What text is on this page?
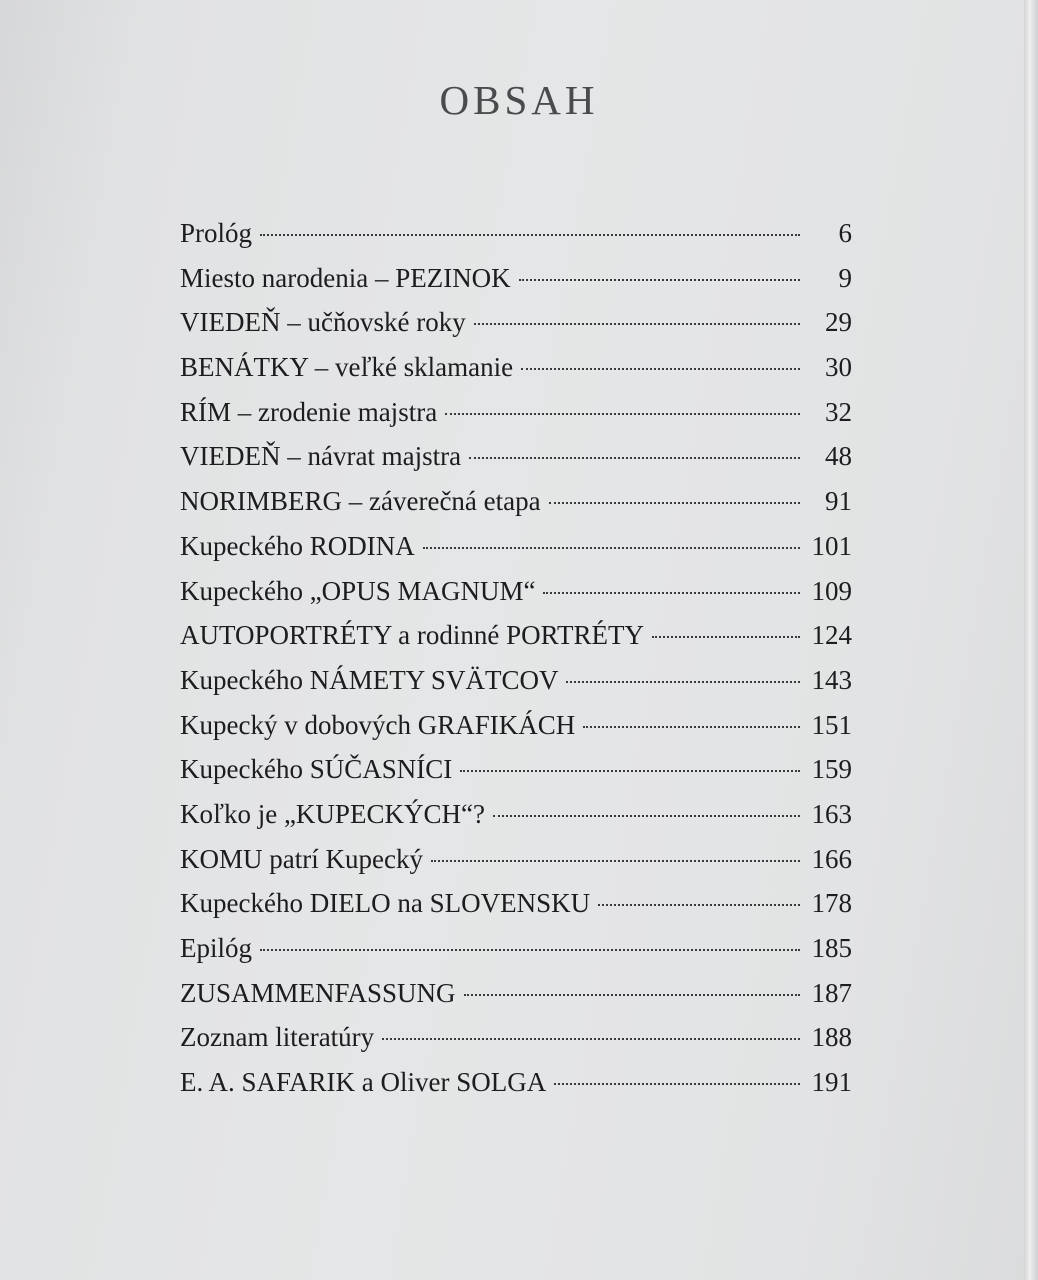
OBSAH
Prológ	6
Miesto narodenia – PEZINOK	9
VIEDEŇ – učňovské roky	29
BENÁTKY – veľké sklamanie	30
RÍM – zrodenie majstra	32
VIEDEŇ – návrat majstra	48
NORIMBERG – záverečná etapa	91
Kupeckého RODINA	101
Kupeckého „OPUS MAGNUM“	109
AUTOPORTRÉTY a rodinné PORTRÉTY	124
Kupeckého NÁMETY SVÄTCOV	143
Kupecký v dobových GRAFIKÁCH	151
Kupeckého SÚČASNÍCI	159
Koľko je „KUPECKÝCH“?	163
KOMU patrí Kupecký	166
Kupeckého DIELO na SLOVENSKU	178
Epilóg	185
ZUSAMMENFASSUNG	187
Zoznam literatúry	188
E. A. SAFARIK a Oliver SOLGA	191
